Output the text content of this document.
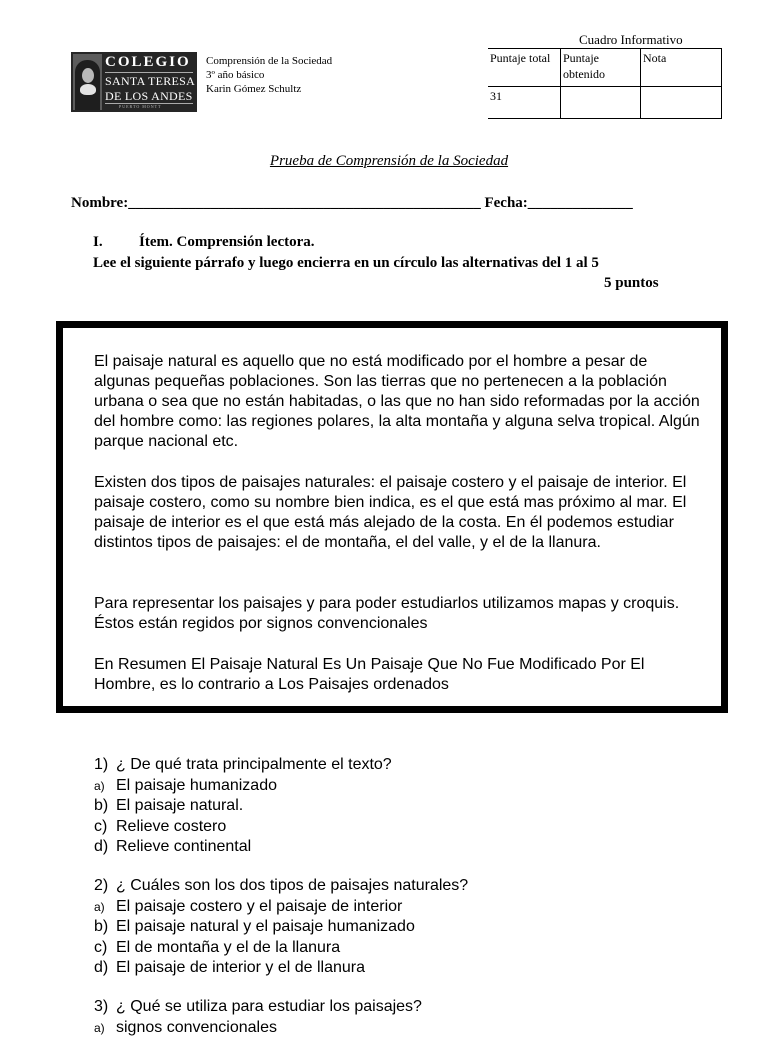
COLEGIO
SANTA TERESA
DE LOS ANDES
PUERTO MONTT
Comprensión de la Sociedad
3º año básico
Karin Gómez Schultz
Cuadro Informativo
Puntaje total	Puntaje obtenido	Nota
31		
Prueba de Comprensión de la Sociedad
Nombre:_______________________________________________ Fecha:______________
I. Ítem. Comprensión lectora.
Lee el siguiente párrafo y luego encierra en un círculo las alternativas del 1 al 5
5 puntos

El paisaje natural es aquello que no está modificado por el hombre a pesar de algunas pequeñas poblaciones. Son las tierras que no pertenecen a la población urbana o sea que no están habitadas, o las que no han sido reformadas por la acción del hombre como: las regiones polares, la alta montaña y alguna selva tropical. Algún parque nacional etc.

Existen dos tipos de paisajes naturales: el paisaje costero y el paisaje de interior. El paisaje costero, como su nombre bien indica, es el que está mas próximo al mar. El paisaje de interior es el que está más alejado de la costa. En él podemos estudiar distintos tipos de paisajes: el de montaña, el del valle, y el de la llanura.

Para representar los paisajes y para poder estudiarlos utilizamos mapas y croquis. Éstos están regidos por signos convencionales

En Resumen El Paisaje Natural Es Un Paisaje Que No Fue Modificado Por El Hombre, es lo contrario a Los Paisajes ordenados

1) ¿ De qué trata principalmente el texto?
a) El paisaje humanizado
b) El paisaje natural.
c) Relieve costero
d) Relieve continental
2) ¿ Cuáles son los dos tipos de paisajes naturales?
a) El paisaje costero y el paisaje de interior
b) El paisaje natural y el paisaje humanizado
c) El de montaña y el de la llanura
d) El paisaje de interior y el de llanura
3) ¿ Qué se utiliza para estudiar los paisajes?
a) signos convencionales
